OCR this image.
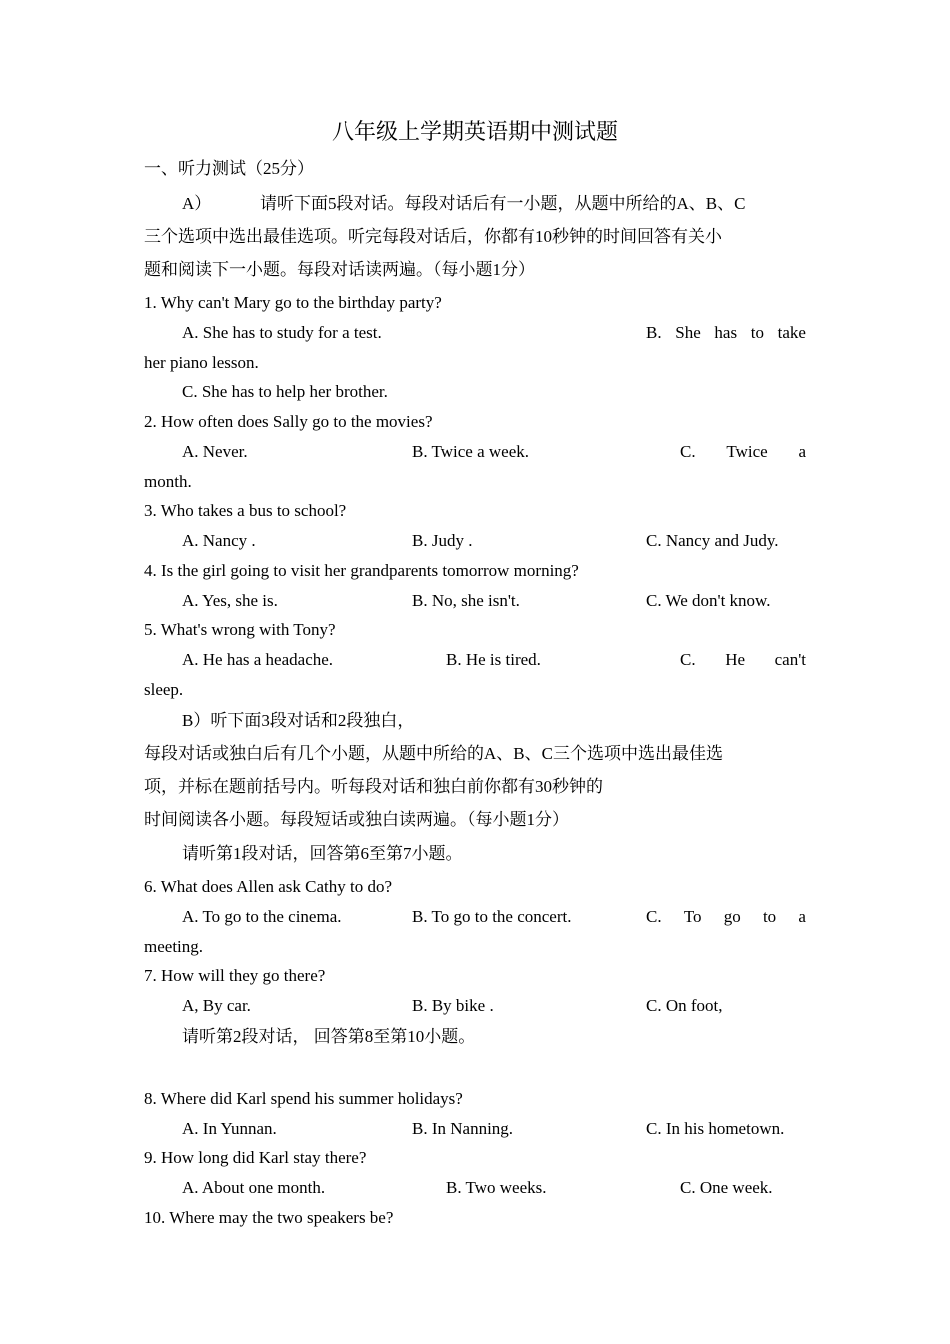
八年级上学期英语期中测试题
一、听力测试（25分）
A）	请听下面5段对话。每段对话后有一小题，从题中所给的A、B、C
三个选项中选出最佳选项。听完每段对话后，你都有10秒钟的时间回答有关小
题和阅读下一小题。每段对话读两遍。（每小题1分）
1. Why can't Mary go to the birthday party?
A. She has to study for a test.	B. She has to take
her piano lesson.
C. She has to help her brother.
2. How often does Sally go to the movies?
A. Never.	B. Twice a week.	C. Twice a
month.
3. Who takes a bus to school?
A. Nancy .	B. Judy .	C. Nancy and Judy.
4. Is the girl going to visit her grandparents tomorrow morning?
A. Yes, she is.	B. No, she isn't.	C. We don't know.
5. What's wrong with Tony?
A. He has a headache.	B. He is tired.	C. He can't
sleep.
B）听下面3段对话和2段独白，
每段对话或独白后有几个小题，从题中所给的A、B、C三个选项中选出最佳选
项，并标在题前括号内。听每段对话和独白前你都有30秒钟的
时间阅读各小题。每段短话或独白读两遍。（每小题1分）
请听第1段对话，回答第6至第7小题。
6. What does Allen ask Cathy to do?
A. To go to the cinema.	B. To go to the concert.	C. To go to a
meeting.
7. How will they go there?
A, By car.	B. By bike .	C. On foot,
请听第2段对话， 回答第8至第10小题。
8. Where did Karl spend his summer holidays?
A. In Yunnan.	B. In Nanning.	C. In his hometown.
9. How long did Karl stay there?
A. About one month.	B. Two weeks.	C. One week.
10. Where may the two speakers be?
